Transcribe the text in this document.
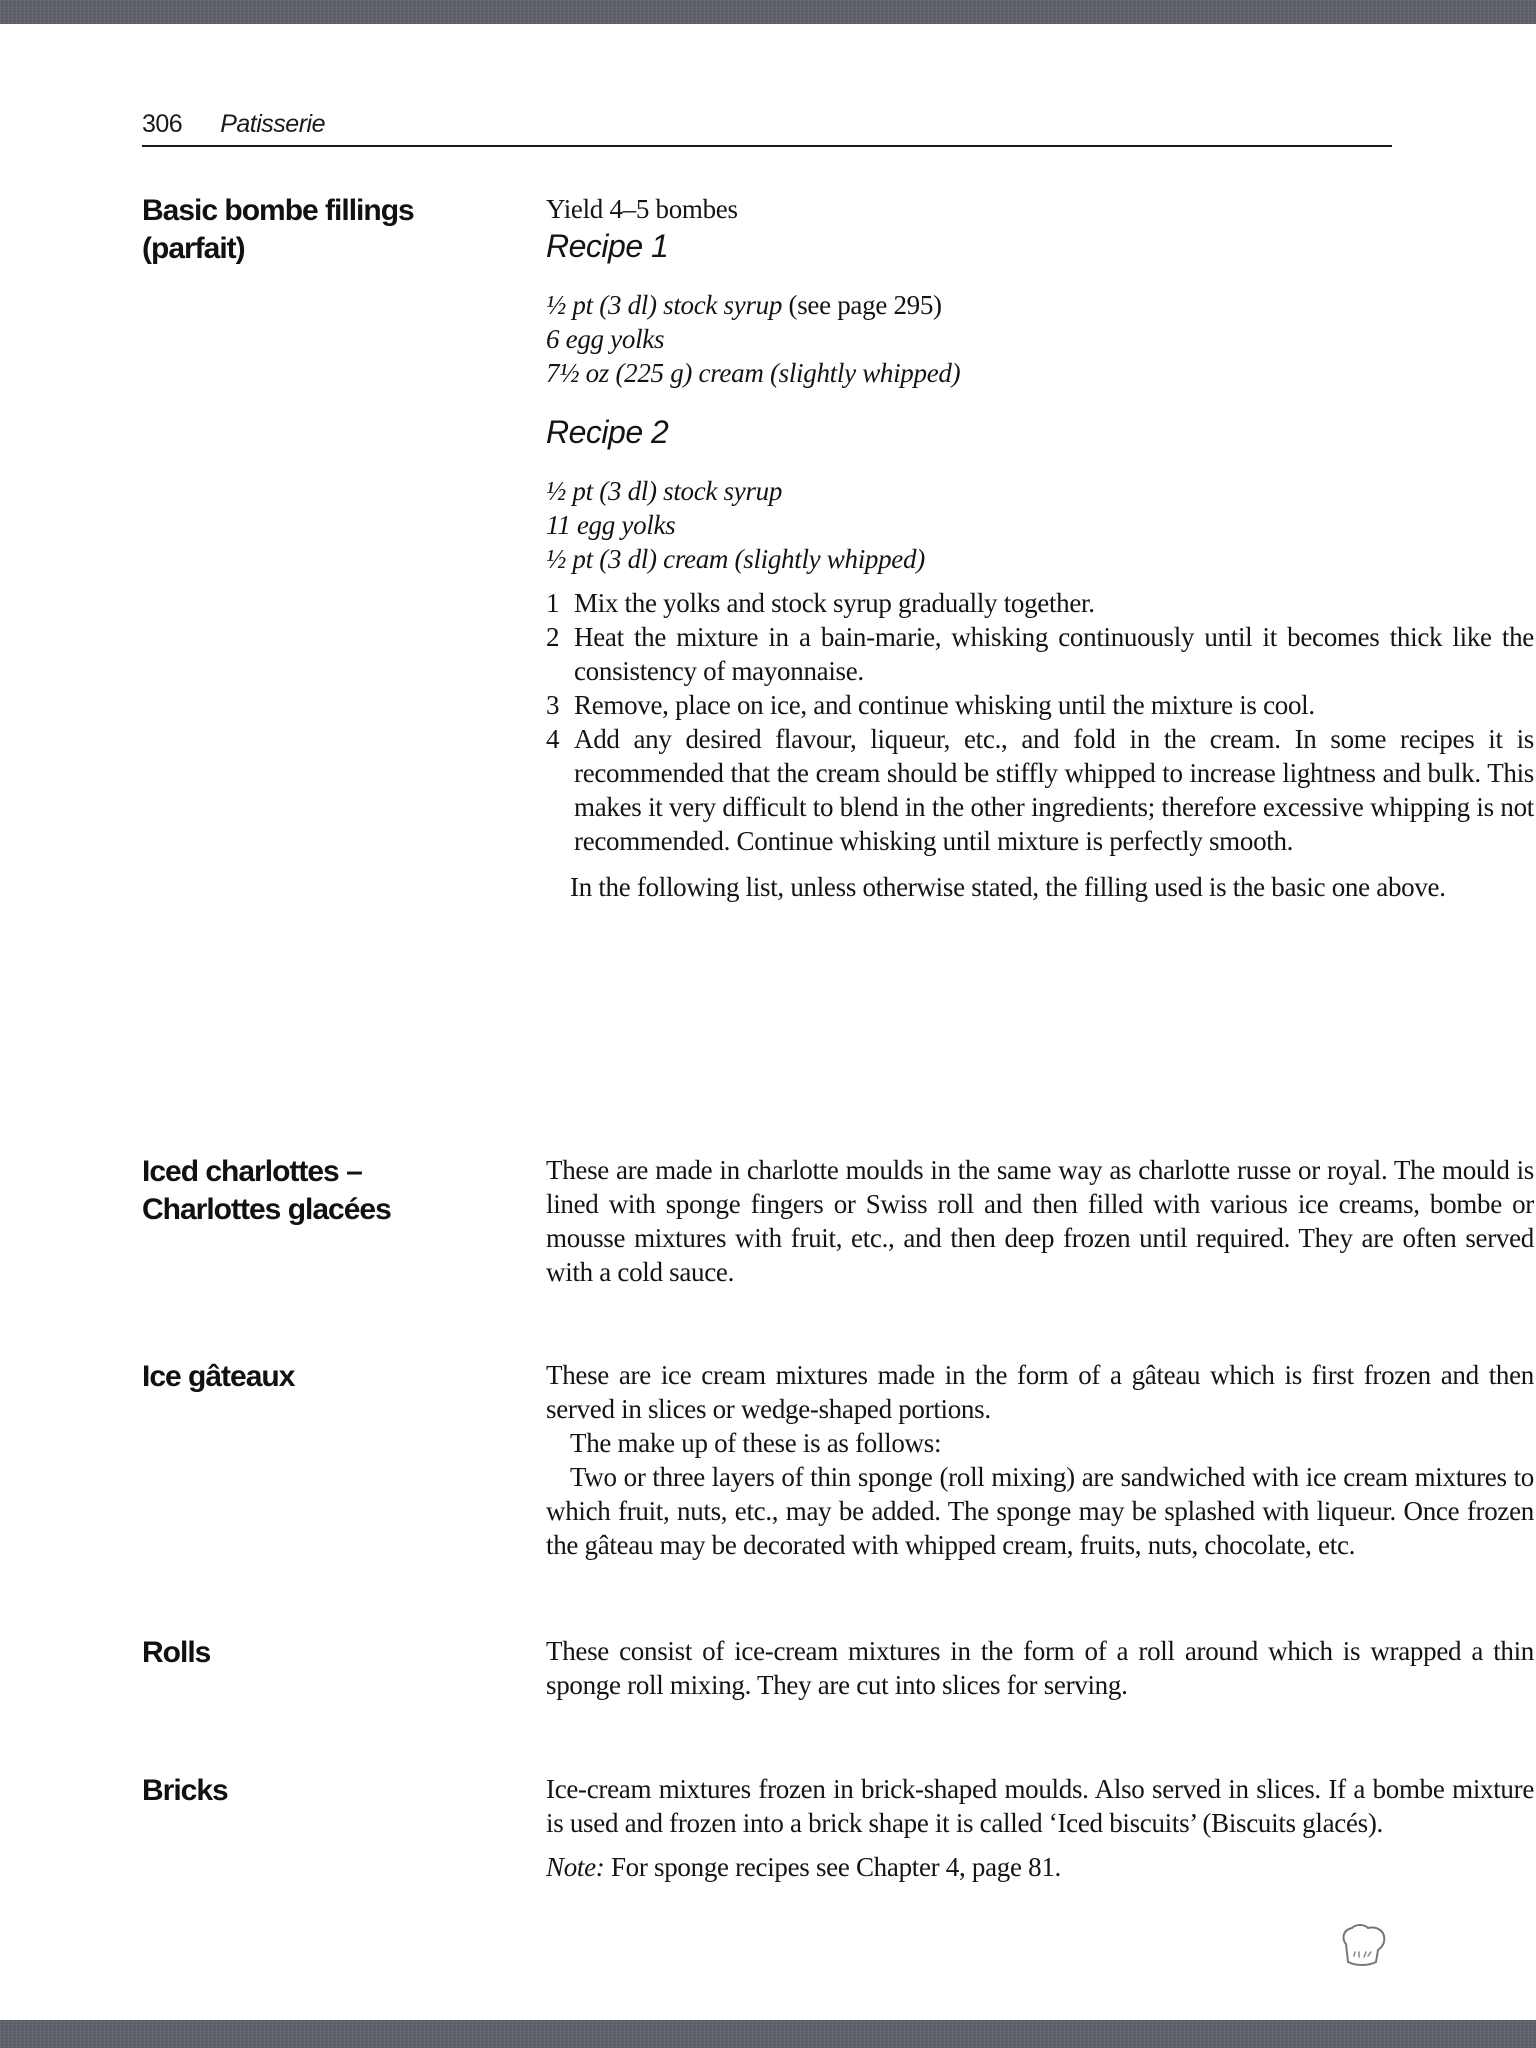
306 Patisserie
Basic bombe fillings (parfait)

Yield 4–5 bombes

Recipe 1
½ pt (3 dl) stock syrup (see page 295)
6 egg yolks
7½ oz (225 g) cream (slightly whipped)
Recipe 2
½ pt (3 dl) stock syrup
11 egg yolks
½ pt (3 dl) cream (slightly whipped)
1 Mix the yolks and stock syrup gradually together.
2 Heat the mixture in a bain-marie, whisking continuously until it becomes thick like the consistency of mayonnaise.
3 Remove, place on ice, and continue whisking until the mixture is cool.
4 Add any desired flavour, liqueur, etc., and fold in the cream. In some recipes it is recommended that the cream should be stiffly whipped to increase lightness and bulk. This makes it very difficult to blend in the other ingredients; therefore excessive whipping is not recommended. Continue whisking until mixture is perfectly smooth.

In the following list, unless otherwise stated, the filling used is the basic one above.

Iced charlottes – Charlottes glacées

These are made in charlotte moulds in the same way as charlotte russe or royal. The mould is lined with sponge fingers or Swiss roll and then filled with various ice creams, bombe or mousse mixtures with fruit, etc., and then deep frozen until required. They are often served with a cold sauce.

Ice gâteaux	These are ice cream mixtures made in the form of a gâteau which is first frozen and then served in slices or wedge-shaped portions.

The make up of these is as follows:

Two or three layers of thin sponge (roll mixing) are sandwiched with ice cream mixtures to which fruit, nuts, etc., may be added. The sponge may be splashed with liqueur. Once frozen the gâteau may be decorated with whipped cream, fruits, nuts, chocolate, etc.

Rolls	These consist of ice-cream mixtures in the form of a roll around which is wrapped a thin sponge roll mixing. They are cut into slices for serving.

Bricks	Ice-cream mixtures frozen in brick-shaped moulds. Also served in slices. If a bombe mixture is used and frozen into a brick shape it is called ‘Iced biscuits’ (Biscuits glacés).

Note: For sponge recipes see Chapter 4, page 81.
